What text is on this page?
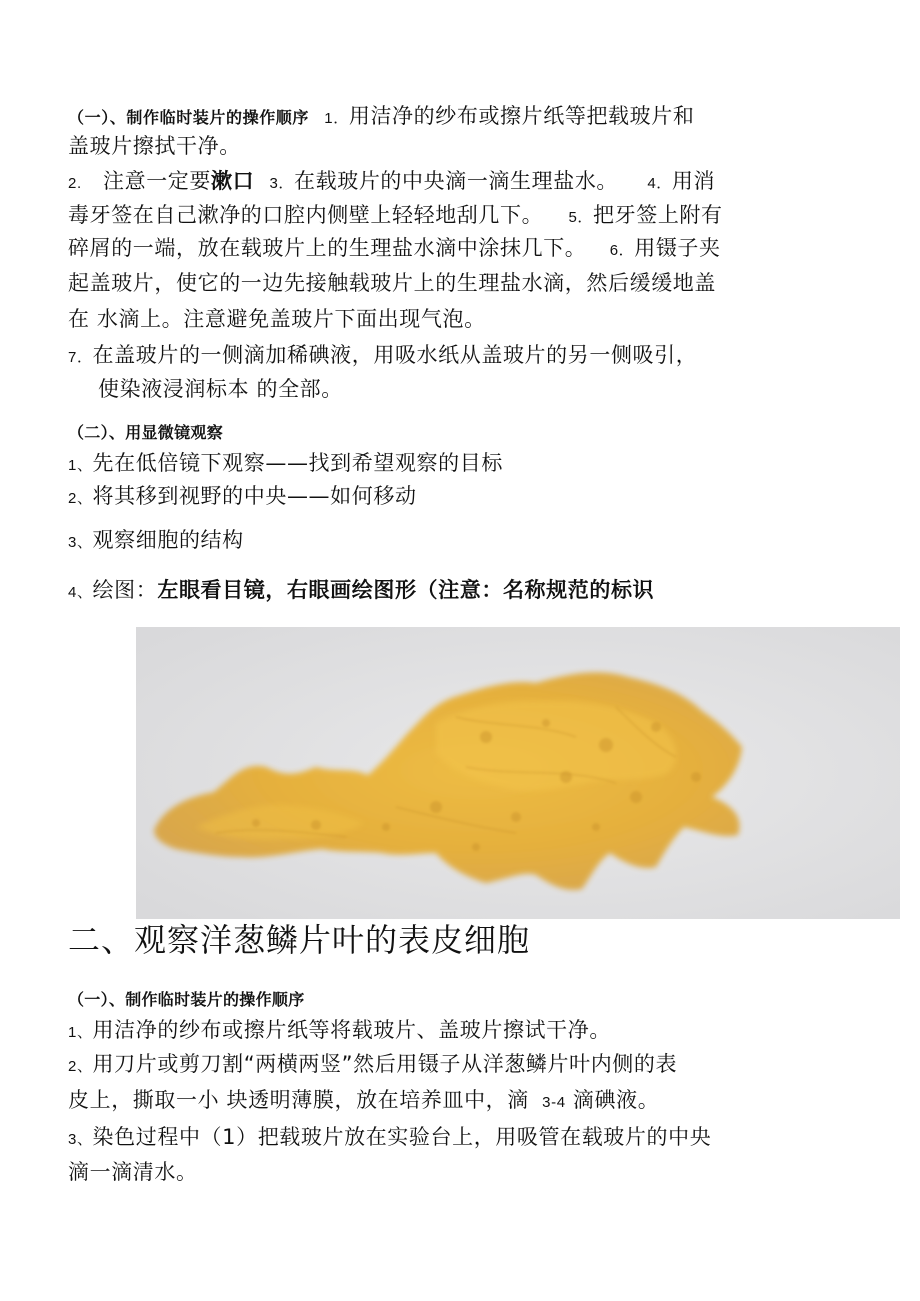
（一）、制作临时装片的操作顺序 1．用洁净的纱布或擦片纸等把载玻片和
盖玻片擦拭干净。
2. 注意一定要漱口 3．在载玻片的中央滴一滴生理盐水。 4．用消
毒牙签在自己漱净的口腔内侧壁上轻轻地刮几下。 5．把牙签上附有
碎屑的一端，放在载玻片上的生理盐水滴中涂抹几下。 6．用镊子夹
起盖玻片，使它的一边先接触载玻片上的生理盐水滴，然后缓缓地盖
在 水滴上。注意避免盖玻片下面出现气泡。
7．在盖玻片的一侧滴加稀碘液，用吸水纸从盖玻片的另一侧吸引，
使染液浸润标本 的全部。
（二）、用显微镜观察
1、先在低倍镜下观察——找到希望观察的目标
2、将其移到视野的中央——如何移动
3、观察细胞的结构
4、绘图：左眼看目镜，右眼画绘图形（注意：名称规范的标识
二、观察洋葱鳞片叶的表皮细胞
（一）、制作临时装片的操作顺序
1、用洁净的纱布或擦片纸等将载玻片、盖玻片擦试干净。
2、用刀片或剪刀割“两横两竖”然后用镊子从洋葱鳞片叶内侧的表
皮上，撕取一小 块透明薄膜，放在培养皿中，滴 3-4 滴碘液。
3、染色过程中（1）把载玻片放在实验台上，用吸管在载玻片的中央
滴一滴清水。
